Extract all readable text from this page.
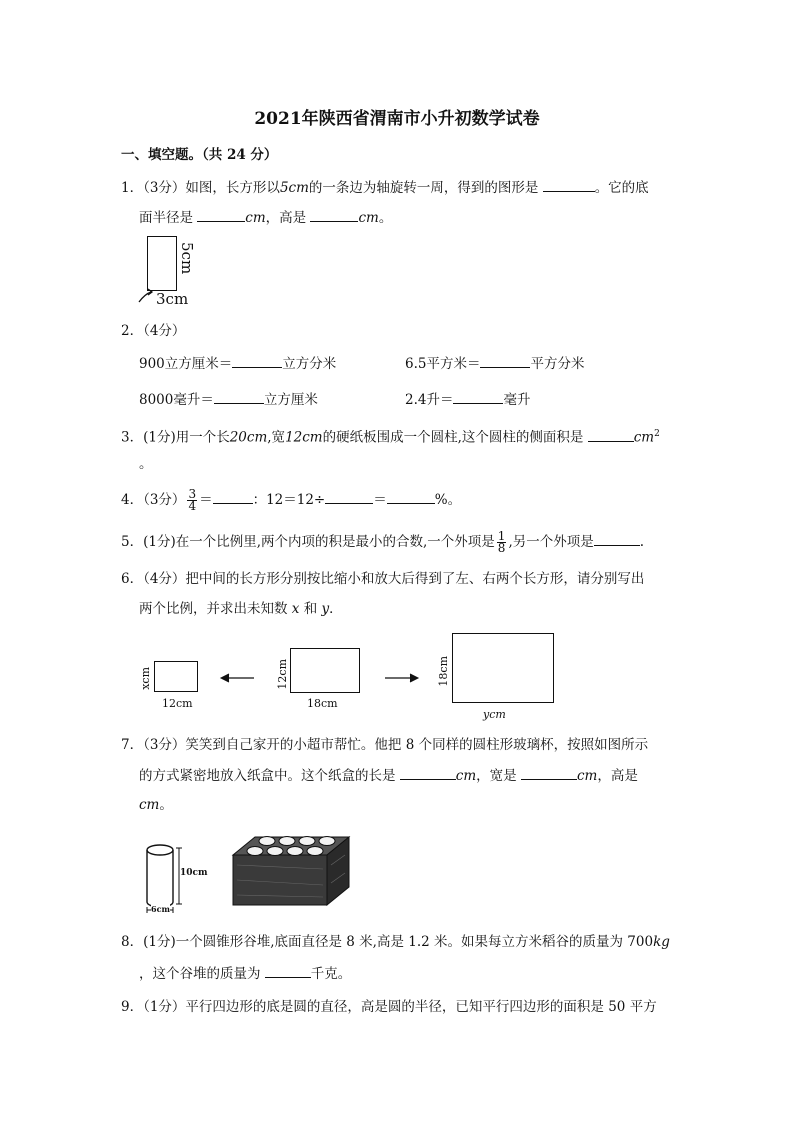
2021年陕西省渭南市小升初数学试卷
一、填空题。（共 24 分）
1．（3分）如图，长方形以5cm的一条边为轴旋转一周，得到的图形是	。它的底
面半径是	cm，高是	cm。
5cm
3cm
2．（4分）
900立方厘米＝	立方分米	6.5平方米＝	平方分米
8000毫升＝	立方厘米	2.4升＝	毫升
3．(1分)用一个长20cm,宽12cm的硬纸板围成一个圆柱,这个圆柱的侧面积是	$cm^2$
。
4．（3分） $\frac{3}{4}$ ＝	：12＝12÷	＝	%。
5．(1分)在一个比例里,两个内项的积是最小的合数,一个外项是 $\frac{1}{8}$ ,另一个外项是	.
6．（4分）把中间的长方形分别按比缩小和放大后得到了左、右两个长方形，请分别写出
两个比例，并求出未知数 x 和 y．
xcm
12cm
12cm
18cm
18cm
ycm
7．（3分）笑笑到自己家开的小超市帮忙。他把 8 个同样的圆柱形玻璃杯，按照如图所示
的方式紧密地放入纸盒中。这个纸盒的长是	cm，宽是	cm，高是
cm。
10cm
6cm
8．(1分)一个圆锥形谷堆,底面直径是 8 米,高是 1.2 米。如果每立方米稻谷的质量为 700kg
，这个谷堆的质量为	千克。
9．（1分）平行四边形的底是圆的直径，高是圆的半径，已知平行四边形的面积是 50 平方
